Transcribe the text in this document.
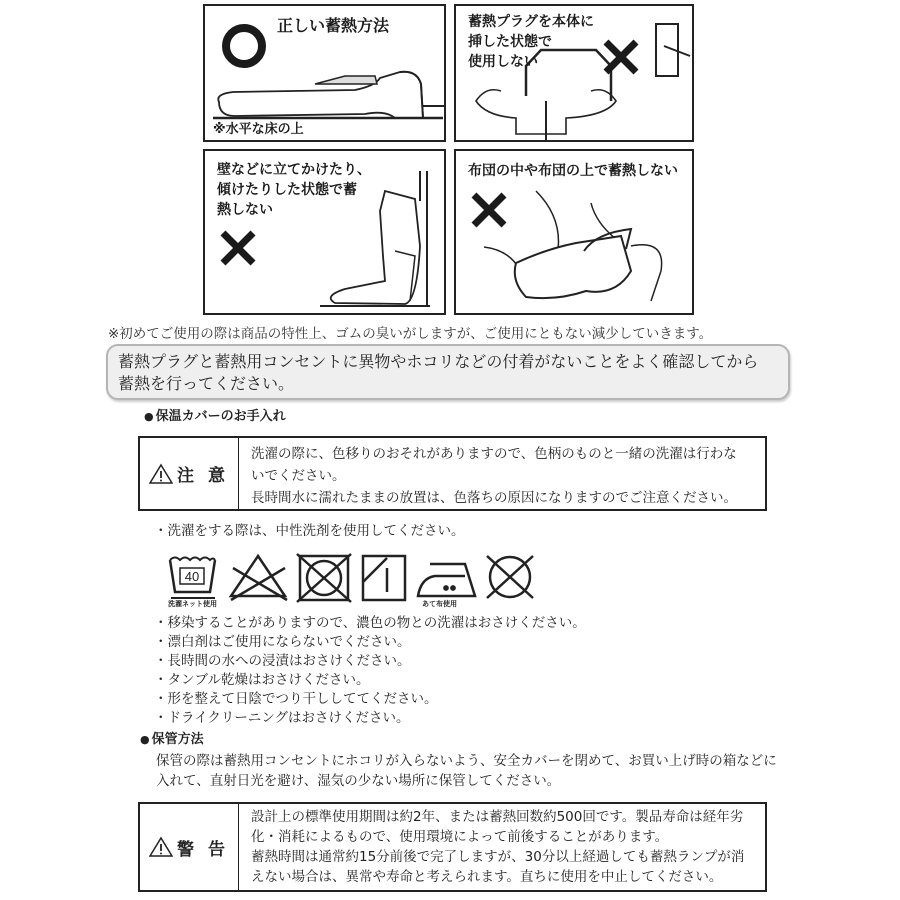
正しい蓄熱方法
※水平な床の上
蓄熱プラグを本体に
挿した状態で
使用しない
壁などに立てかけたり、
傾けたりした状態で蓄
熱しない
布団の中や布団の上で蓄熱しない
※初めてご使用の際は商品の特性上、ゴムの臭いがしますが、ご使用にともない減少していきます。
蓄熱プラグと蓄熱用コンセントに異物やホコリなどの付着がないことをよく確認してから
蓄熱を行ってください。
● 保温カバーのお手入れ
注 意
洗濯の際に、色移りのおそれがありますので、色柄のものと一緒の洗濯は行わな
いでください。
長時間水に濡れたままの放置は、色落ちの原因になりますのでご注意ください。
・洗濯をする際は、中性洗剤を使用してください。
40
洗濯ネット使用	あて布使用
・移染することがありますので、濃色の物との洗濯はおさけください。
・漂白剤はご使用にならないでください。
・長時間の水への浸漬はおさけください。
・タンブル乾燥はおさけください。
・形を整えて日陰でつり干ししててください。
・ドライクリーニングはおさけください。
● 保管方法
保管の際は蓄熱用コンセントにホコリが入らないよう、安全カバーを閉めて、お買い上げ時の箱などに
入れて、直射日光を避け、湿気の少ない場所に保管してください。
警 告
設計上の標準使用期間は約2年、または蓄熱回数約500回です。製品寿命は経年劣
化・消耗によるもので、使用環境によって前後することがあります。
蓄熱時間は通常約15分前後で完了しますが、30分以上経過しても蓄熱ランプが消
えない場合は、異常や寿命と考えられます。直ちに使用を中止してください。
